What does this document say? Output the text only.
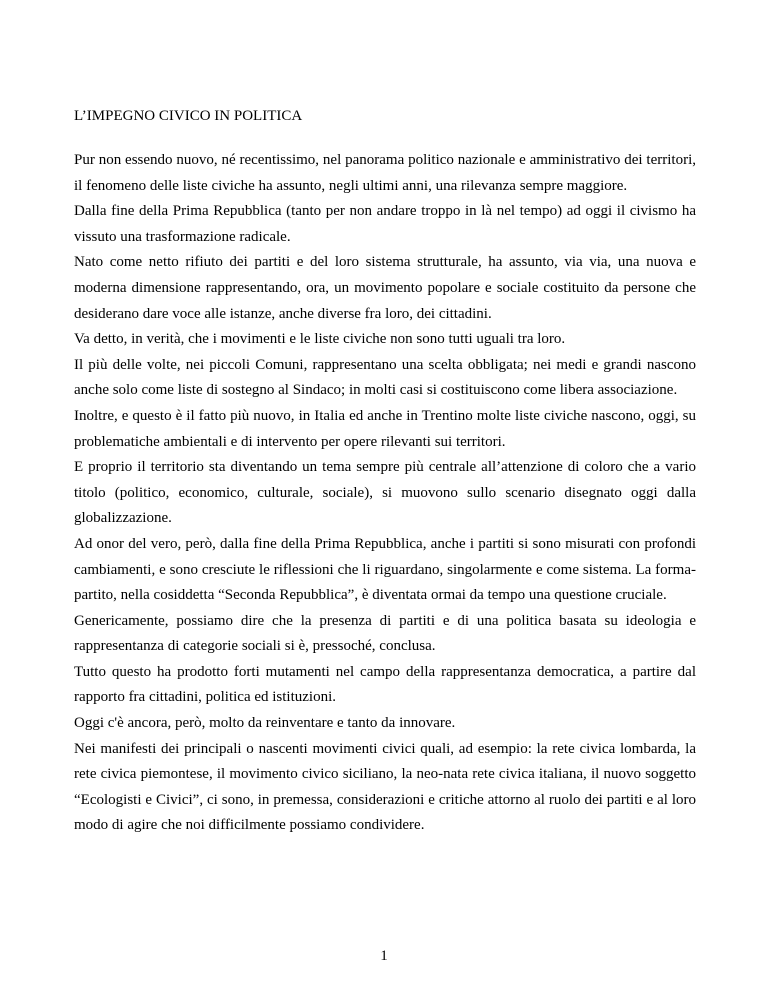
L’IMPEGNO CIVICO IN POLITICA

Pur non essendo nuovo, né recentissimo, nel panorama politico nazionale e amministrativo dei territori, il fenomeno delle liste civiche ha assunto, negli ultimi anni, una rilevanza sempre maggiore.

Dalla fine della Prima Repubblica (tanto per non andare troppo in là nel tempo) ad oggi il civismo ha vissuto una trasformazione radicale.

Nato come netto rifiuto dei partiti e del loro sistema strutturale, ha assunto, via via, una nuova e moderna dimensione rappresentando, ora, un movimento popolare e sociale costituito da persone che desiderano dare voce alle istanze, anche diverse fra loro, dei cittadini.

Va detto, in verità, che i movimenti e le liste civiche non sono tutti uguali tra loro.

Il più delle volte, nei piccoli Comuni, rappresentano una scelta obbligata; nei medi e grandi nascono anche solo come liste di sostegno al Sindaco; in molti casi si costituiscono come libera associazione.

Inoltre, e questo è il fatto più nuovo, in Italia ed anche in Trentino molte liste civiche nascono, oggi, su problematiche ambientali e di intervento per opere rilevanti sui territori.

E proprio il territorio sta diventando un tema sempre più centrale all’attenzione di coloro che a vario titolo (politico, economico, culturale, sociale), si muovono sullo scenario disegnato oggi dalla globalizzazione.

Ad onor del vero, però, dalla fine della Prima Repubblica, anche i partiti si sono misurati con profondi cambiamenti, e sono cresciute le riflessioni che li riguardano, singolarmente e come sistema. La forma-partito, nella cosiddetta “Seconda Repubblica”, è diventata ormai da tempo una questione cruciale.

Genericamente, possiamo dire che la presenza di partiti e di una politica basata su ideologia e rappresentanza di categorie sociali si è, pressoché, conclusa.

Tutto questo ha prodotto forti mutamenti nel campo della rappresentanza democratica, a partire dal rapporto fra cittadini, politica ed istituzioni.

Oggi c'è ancora, però, molto da reinventare e tanto da innovare.

Nei manifesti dei principali o nascenti movimenti civici quali, ad esempio: la rete civica lombarda, la rete civica piemontese, il movimento civico siciliano, la neo-nata rete civica italiana, il nuovo soggetto “Ecologisti e Civici”, ci sono, in premessa, considerazioni e critiche attorno al ruolo dei partiti e al loro modo di agire che noi difficilmente possiamo condividere.

1
